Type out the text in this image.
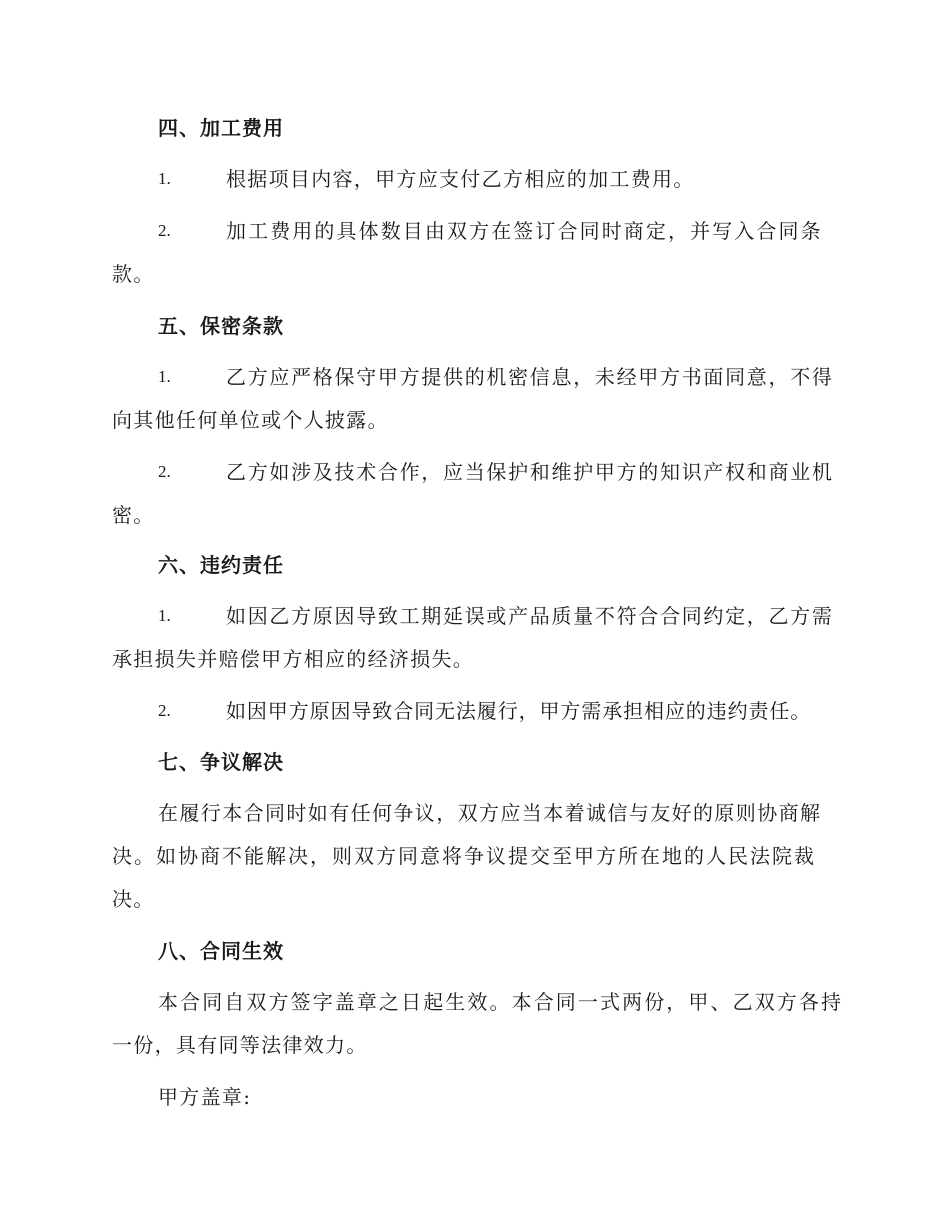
四、加工费用
1.	根据项目内容，甲方应支付乙方相应的加工费用。
2.	加工费用的具体数目由双方在签订合同时商定，并写入合同条
款。
五、保密条款
1.	乙方应严格保守甲方提供的机密信息，未经甲方书面同意，不得
向其他任何单位或个人披露。
2.	乙方如涉及技术合作，应当保护和维护甲方的知识产权和商业机
密。
六、违约责任
1.	如因乙方原因导致工期延误或产品质量不符合合同约定，乙方需
承担损失并赔偿甲方相应的经济损失。
2.	如因甲方原因导致合同无法履行，甲方需承担相应的违约责任。
七、争议解决
在履行本合同时如有任何争议，双方应当本着诚信与友好的原则协商解
决。如协商不能解决，则双方同意将争议提交至甲方所在地的人民法院裁
决。
八、合同生效
本合同自双方签字盖章之日起生效。本合同一式两份，甲、乙双方各持
一份，具有同等法律效力。
甲方盖章:
